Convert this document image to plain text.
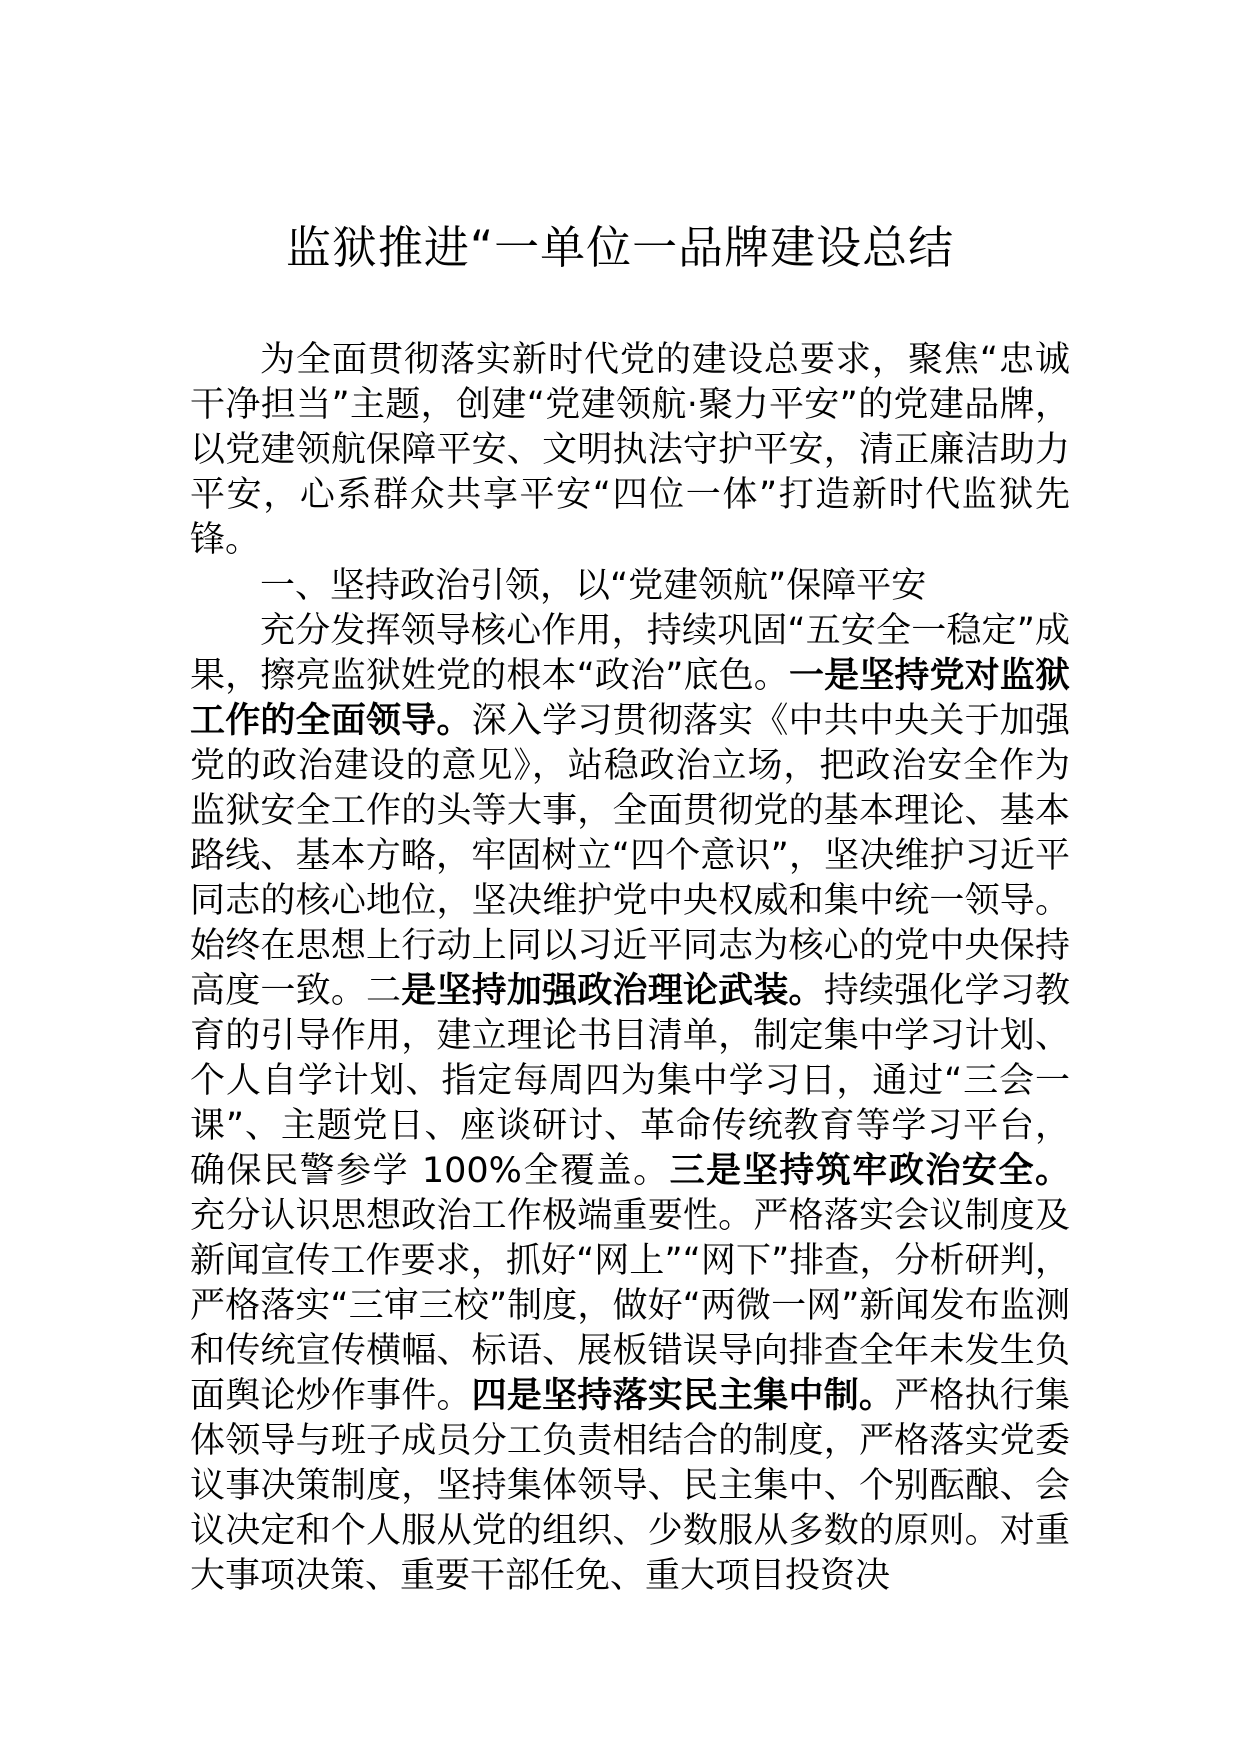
监狱推进“一单位一品牌建设总结

为全面贯彻落实新时代党的建设总要求，聚焦“忠诚干净担当”主题，创建“党建领航·聚力平安”的党建品牌，以党建领航保障平安、文明执法守护平安，清正廉洁助力平安，心系群众共享平安“四位一体”打造新时代监狱先锋。

一、坚持政治引领，以“党建领航”保障平安

充分发挥领导核心作用，持续巩固“五安全一稳定”成果，擦亮监狱姓党的根本“政治”底色。一是坚持党对监狱工作的全面领导。深入学习贯彻落实《中共中央关于加强党的政治建设的意见》，站稳政治立场，把政治安全作为监狱安全工作的头等大事，全面贯彻党的基本理论、基本路线、基本方略，牢固树立“四个意识”，坚决维护习近平同志的核心地位，坚决维护党中央权威和集中统一领导。始终在思想上行动上同以习近平同志为核心的党中央保持高度一致。二是坚持加强政治理论武装。持续强化学习教育的引导作用，建立理论书目清单，制定集中学习计划、个人自学计划、指定每周四为集中学习日，通过“三会一课”、主题党日、座谈研讨、革命传统教育等学习平台，确保民警参学 100%全覆盖。三是坚持筑牢政治安全。充分认识思想政治工作极端重要性。严格落实会议制度及新闻宣传工作要求，抓好“网上”“网下”排查，分析研判，严格落实“三审三校”制度，做好“两微一网”新闻发布监测和传统宣传横幅、标语、展板错误导向排查全年未发生负面舆论炒作事件。四是坚持落实民主集中制。严格执行集体领导与班子成员分工负责相结合的制度，严格落实党委议事决策制度，坚持集体领导、民主集中、个别酝酿、会议决定和个人服从党的组织、少数服从多数的原则。对重大事项决策、重要干部任免、重大项目投资决
